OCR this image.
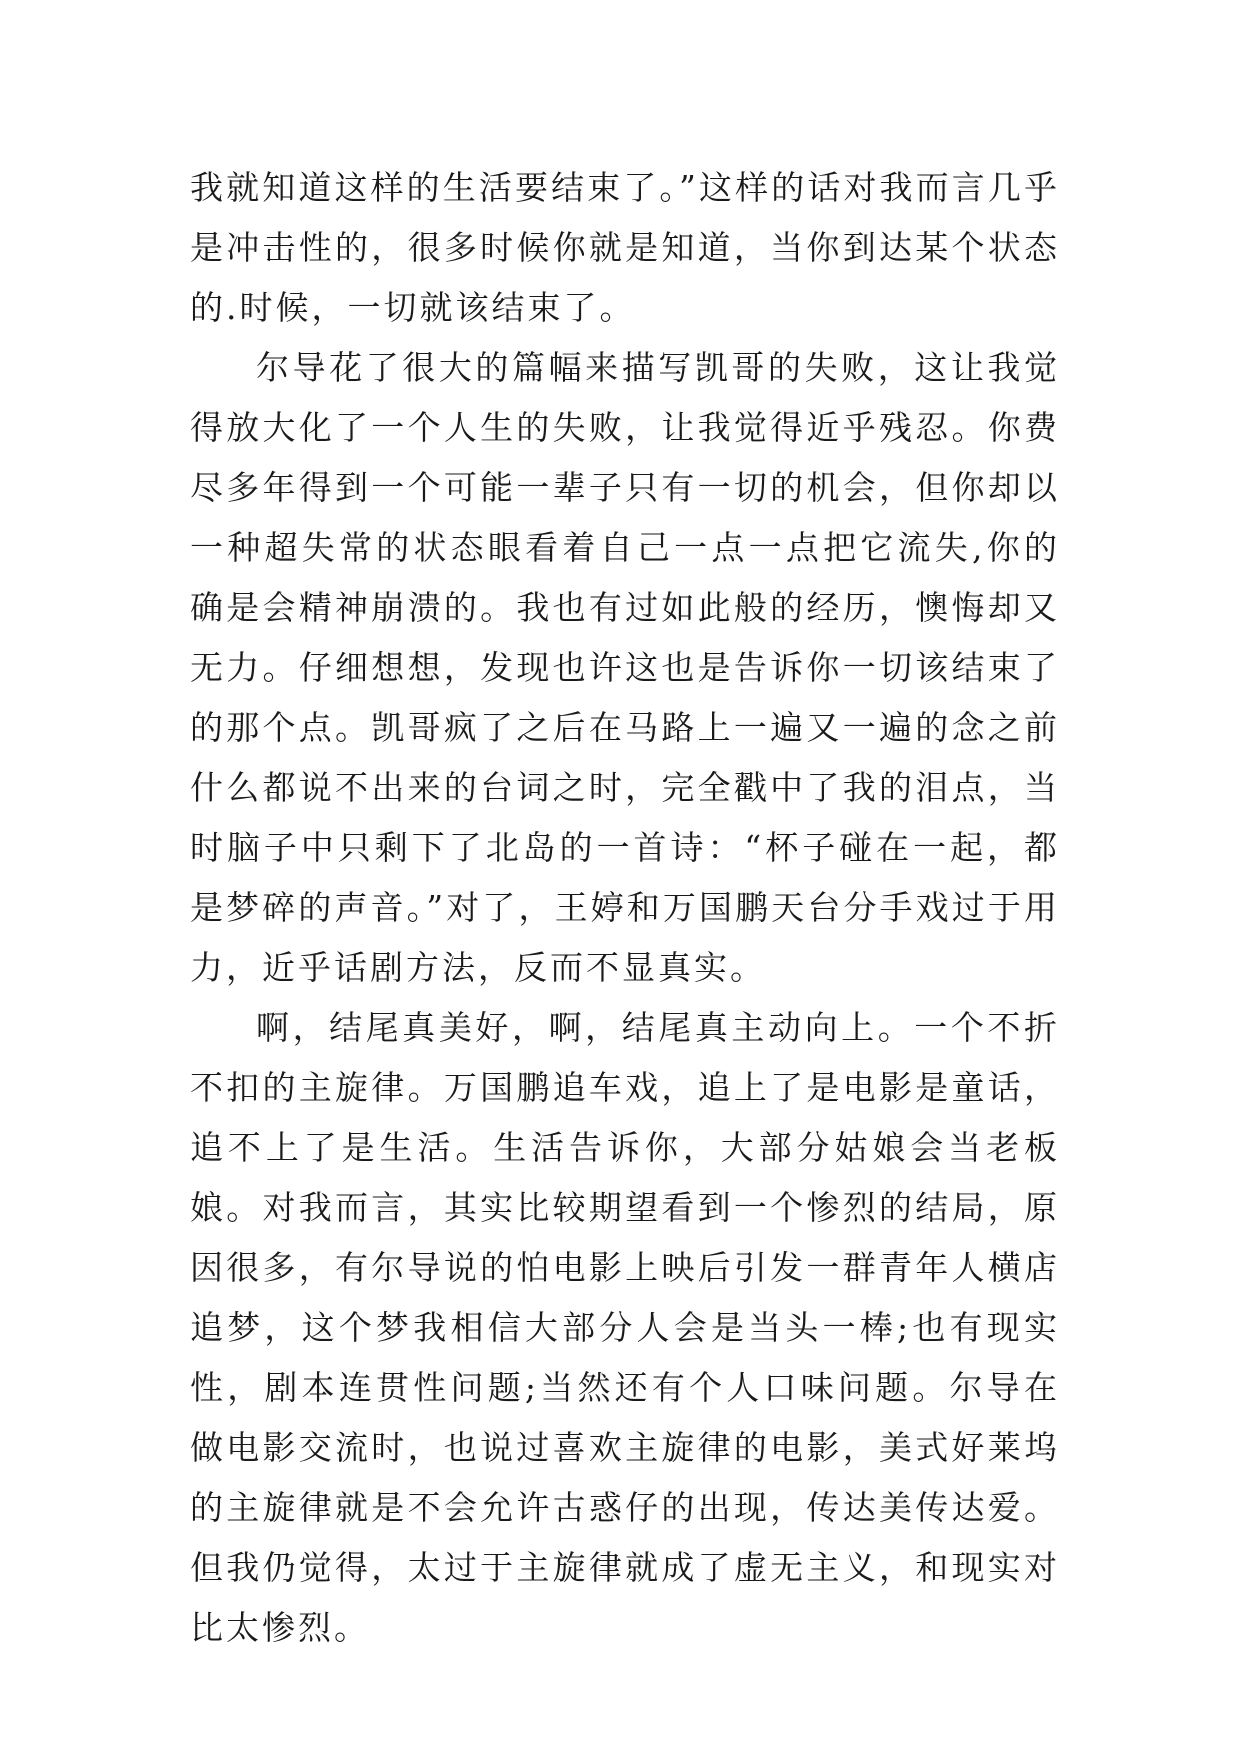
我就知道这样的生活要结束了。”这样的话对我而言几乎是冲击性的，很多时候你就是知道，当你到达某个状态的.时候，一切就该结束了。

尔导花了很大的篇幅来描写凯哥的失败，这让我觉得放大化了一个人生的失败，让我觉得近乎残忍。你费尽多年得到一个可能一辈子只有一切的机会，但你却以一种超失常的状态眼看着自己一点一点把它流失,你的确是会精神崩溃的。我也有过如此般的经历，懊悔却又无力。仔细想想，发现也许这也是告诉你一切该结束了的那个点。凯哥疯了之后在马路上一遍又一遍的念之前什么都说不出来的台词之时，完全戳中了我的泪点，当时脑子中只剩下了北岛的一首诗：“杯子碰在一起，都是梦碎的声音。”对了，王婷和万国鹏天台分手戏过于用力，近乎话剧方法，反而不显真实。

啊，结尾真美好，啊，结尾真主动向上。一个不折不扣的主旋律。万国鹏追车戏，追上了是电影是童话，追不上了是生活。生活告诉你，大部分姑娘会当老板娘。对我而言，其实比较期望看到一个惨烈的结局，原因很多，有尔导说的怕电影上映后引发一群青年人横店追梦，这个梦我相信大部分人会是当头一棒;也有现实性，剧本连贯性问题;当然还有个人口味问题。尔导在做电影交流时，也说过喜欢主旋律的电影，美式好莱坞的主旋律就是不会允许古惑仔的出现，传达美传达爱。但我仍觉得，太过于主旋律就成了虚无主义，和现实对比太惨烈。
